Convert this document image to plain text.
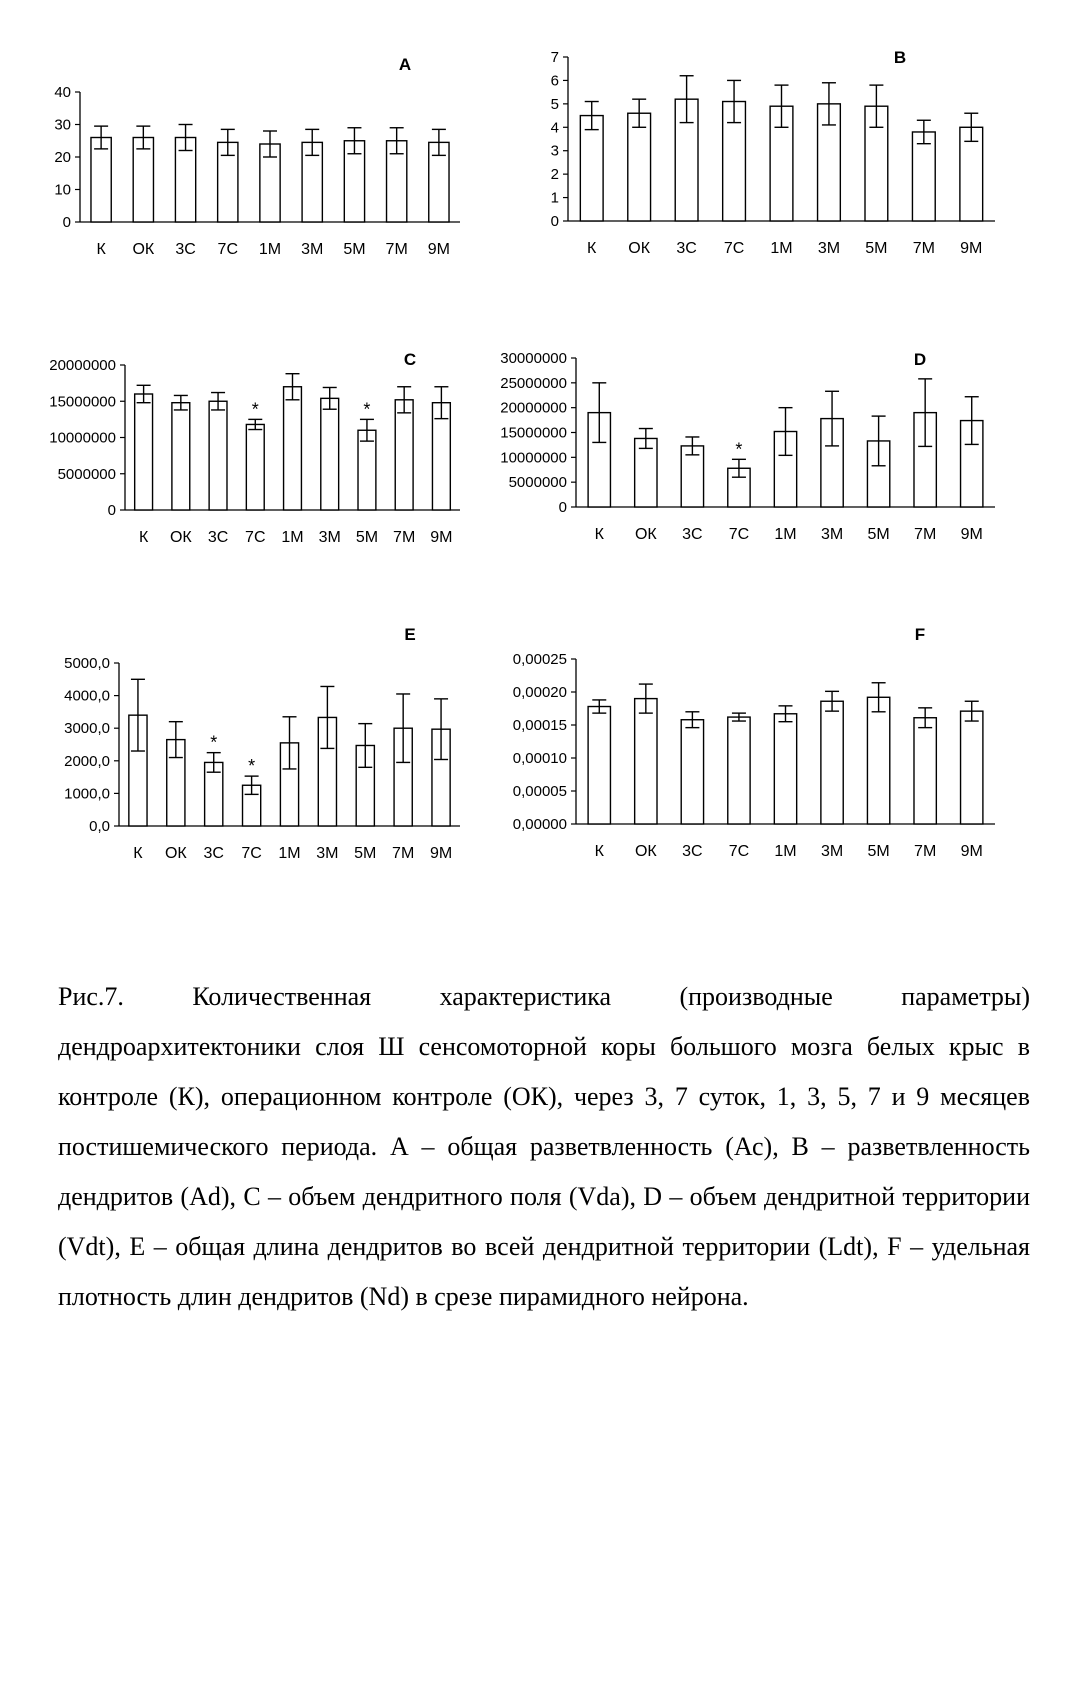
A
0
10
20
30
40
К ОК 3С 7С 1М 3М 5М 7М 9М
B
0
1
2
3
4
5
6
7
К ОК 3С 7С 1М 3М 5М 7М 9М
C
0
5000000
10000000
15000000
20000000
К ОК 3С
*
7С 1М 3М
*
5М 7М 9М
D
0
5000000
10000000
15000000
20000000
25000000
30000000
К ОК 3С
*
7С 1М 3М 5М 7М 9М
E
0,0
1000,0
2000,0
3000,0
4000,0
5000,0
К ОК
*
3С
*
7С 1М 3М 5М 7М 9М
F
0,00000
0,00005
0,00010
0,00015
0,00020
0,00025
К ОК 3С 7С 1М 3М 5М 7М 9М

Рис.7. Количественная характеристика (производные параметры) дендроархитектоники слоя Ш сенсомоторной коры большого мозга белых крыс в контроле (К), операционном контроле (ОК), через 3, 7 суток, 1, 3, 5, 7 и 9 месяцев постишемического периода. А – общая разветвленность (Ас), В – разветвленность дендритов (Аd), С – объем дендритного поля (Vda), D – объем дендритной территории (Vdt), Е – общая длина дендритов во всей дендритной территории (Ldt), F – удельная плотность длин дендритов (Nd) в срезе пирамидного нейрона.
